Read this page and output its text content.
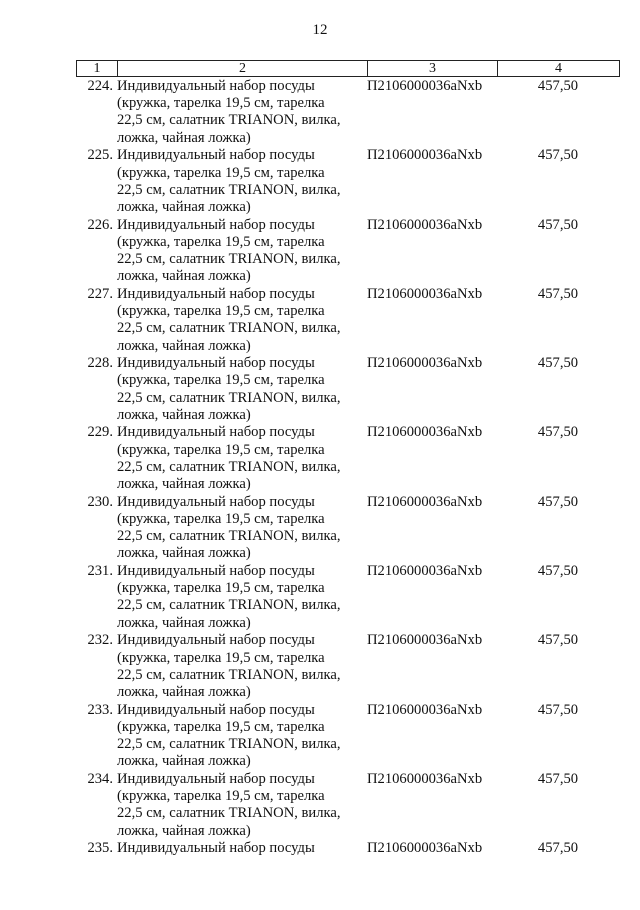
12
1	2	3	4
224. Индивидуальный набор посуды
(кружка, тарелка 19,5 см, тарелка
22,5 см, салатник TRIANON, вилка,
ложка, чайная ложка)
П2106000036aNxb	457,50
225. Индивидуальный набор посуды
(кружка, тарелка 19,5 см, тарелка
22,5 см, салатник TRIANON, вилка,
ложка, чайная ложка)
П2106000036aNxb	457,50
226. Индивидуальный набор посуды
(кружка, тарелка 19,5 см, тарелка
22,5 см, салатник TRIANON, вилка,
ложка, чайная ложка)
П2106000036aNxb	457,50
227. Индивидуальный набор посуды
(кружка, тарелка 19,5 см, тарелка
22,5 см, салатник TRIANON, вилка,
ложка, чайная ложка)
П2106000036aNxb	457,50
228. Индивидуальный набор посуды
(кружка, тарелка 19,5 см, тарелка
22,5 см, салатник TRIANON, вилка,
ложка, чайная ложка)
П2106000036aNxb	457,50
229. Индивидуальный набор посуды
(кружка, тарелка 19,5 см, тарелка
22,5 см, салатник TRIANON, вилка,
ложка, чайная ложка)
П2106000036aNxb	457,50
230. Индивидуальный набор посуды
(кружка, тарелка 19,5 см, тарелка
22,5 см, салатник TRIANON, вилка,
ложка, чайная ложка)
П2106000036aNxb	457,50
231. Индивидуальный набор посуды
(кружка, тарелка 19,5 см, тарелка
22,5 см, салатник TRIANON, вилка,
ложка, чайная ложка)
П2106000036aNxb	457,50
232. Индивидуальный набор посуды
(кружка, тарелка 19,5 см, тарелка
22,5 см, салатник TRIANON, вилка,
ложка, чайная ложка)
П2106000036aNxb	457,50
233. Индивидуальный набор посуды
(кружка, тарелка 19,5 см, тарелка
22,5 см, салатник TRIANON, вилка,
ложка, чайная ложка)
П2106000036aNxb	457,50
234. Индивидуальный набор посуды
(кружка, тарелка 19,5 см, тарелка
22,5 см, салатник TRIANON, вилка,
ложка, чайная ложка)
П2106000036aNxb	457,50
235. Индивидуальный набор посуды	П2106000036aNxb	457,50
